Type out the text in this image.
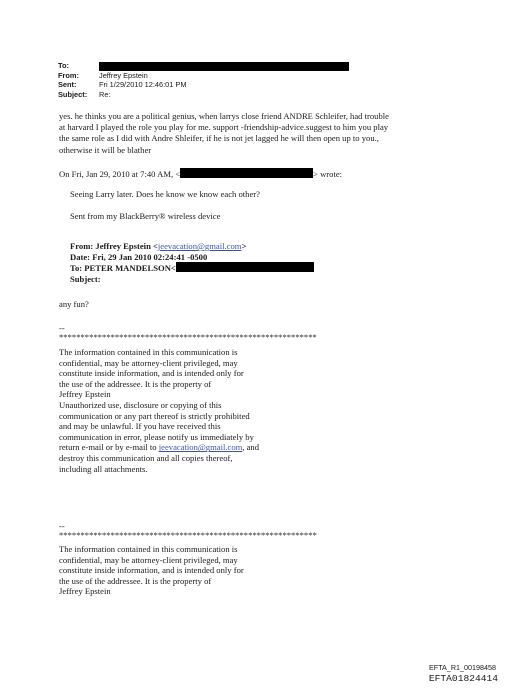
To:
From:	Jeffrey Epstein
Sent:	Fri 1/29/2010 12:46:01 PM
Subject:	Re:
yes. he thinks you are a political genius, when larrys close friend ANDRE Schleifer, had trouble
at harvard I played the role you play for me. support -friendship-advice.suggest to him you play
the same role as I did with Andre Shleifer, if he is not jet lagged he will then open up to you.,
otherwise it will be blather
On Fri, Jan 29, 2010 at 7:40 AM, <	> wrote:
Seeing Larry later. Does he know we know each other?
Sent from my BlackBerry® wireless device
From: Jeffrey Epstein <jeevacation@gmail.com>
Date: Fri, 29 Jan 2010 02:24:41 -0500
To: PETER MANDELSON<
Subject:
any fun?
--
************************************************************
The information contained in this communication is
confidential, may be attorney-client privileged, may
constitute inside information, and is intended only for
the use of the addressee. It is the property of
Jeffrey Epstein
Unauthorized use, disclosure or copying of this
communication or any part thereof is strictly prohibited
and may be unlawful. If you have received this
communication in error, please notify us immediately by
return e-mail or by e-mail to jeevacation@gmail.com, and
destroy this communication and all copies thereof,
including all attachments.
--
************************************************************
The information contained in this communication is
confidential, may be attorney-client privileged, may
constitute inside information, and is intended only for
the use of the addressee. It is the property of
Jeffrey Epstein
EFTA_R1_00198458
EFTA01824414
